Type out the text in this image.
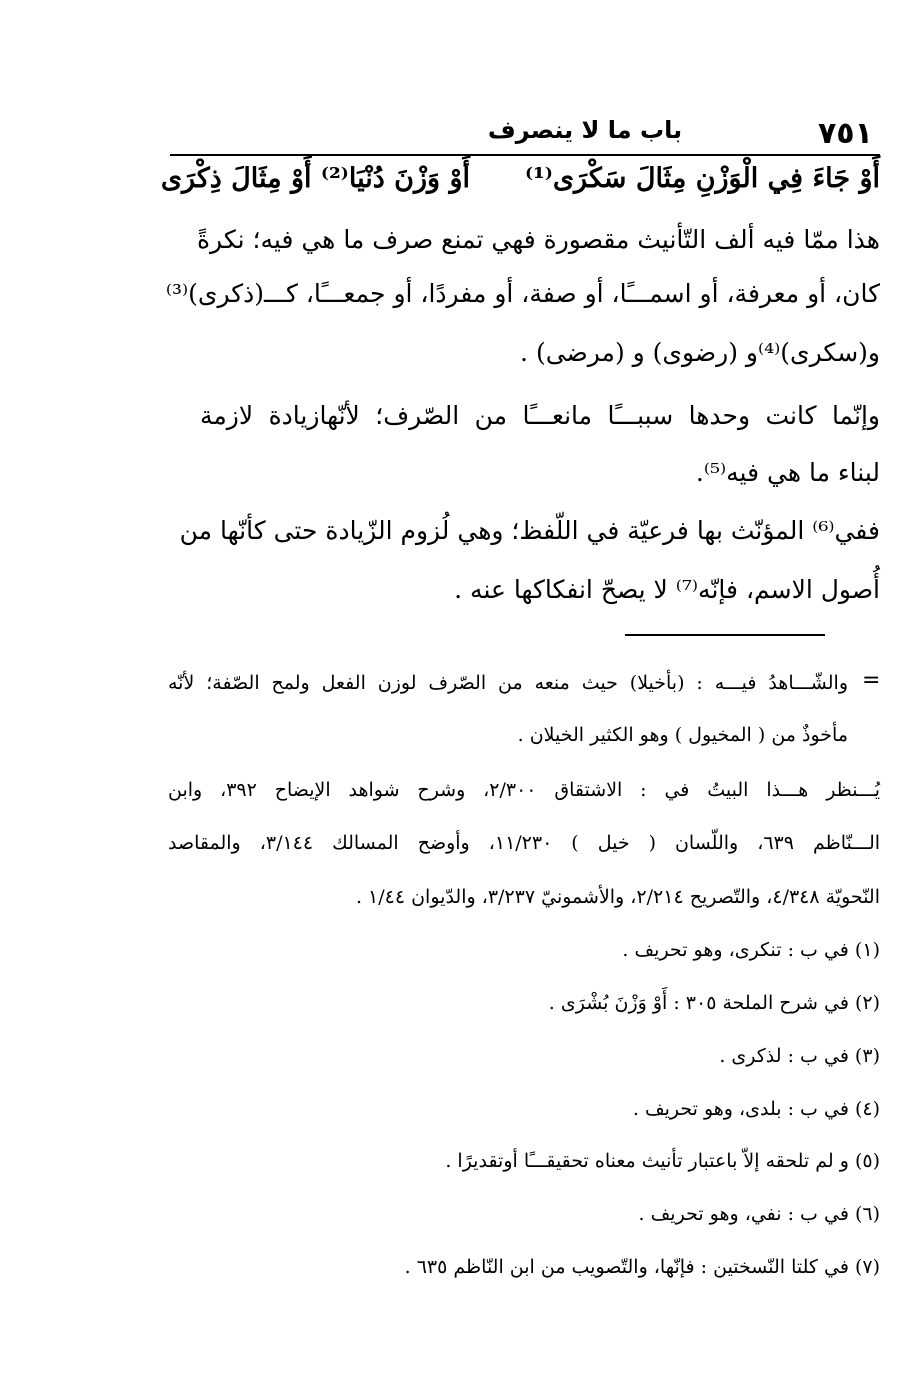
٧٥١
باب ما لا ينصرف
أَوْ جَاءَ فِي الْوَزْنِ مِثَالَ سَكْرَى⁽¹⁾
أَوْ وَزْنَ دُنْيَا⁽²⁾ أَوْ مِثَالَ ذِكْرَى
هذا ممّا فيه ألف التّأنيث مقصورة فهي تمنع صرف ما هي فيه؛ نكرةً
كان، أو معرفة، أو اسمـــًا، أو صفة، أو مفردًا، أو جمعـــًا، كـــ(ذكرى)⁽³⁾
و(سكرى)⁽⁴⁾و (رضوى) و (مرضى) .
وإنّما كانت وحدها سببـــًا مانعـــًا من الصّرف؛ لأنّهازيادة لازمة
لبناء ما هي فيه⁽⁵⁾.
ففي⁽⁶⁾ المؤنّث بها فرعيّة في اللّفظ؛ وهي لُزوم الزّيادة حتى كأنّها من
أُصول الاسم، فإنّه⁽⁷⁾ لا يصحّ انفكاكها عنه .
=
والشّـــاهدُ فيـــه : (بأخيلا) حيث منعه من الصّرف لوزن الفعل ولمح الصّفة؛ لأنّه
مأخوذٌ من ( المخيول ) وهو الكثير الخيلان .
يُـــنظر هـــذا البيتُ في : الاشتقاق ٢/٣٠٠، وشرح شواهد الإيضاح ٣٩٢، وابن
الـــنّاظم ٦٣٩، واللّسان ( خيل ) ١١/٢٣٠، وأوضح المسالك ٣/١٤٤، والمقاصد
النّحويّة ٤/٣٤٨، والتّصريح ٢/٢١٤، والأشمونيّ ٣/٢٣٧، والدّيوان ١/٤٤ .
(١) في ب : تنكرى، وهو تحريف .
(٢) في شرح الملحة ٣٠٥ : أَوْ وَزْنَ بُشْرَى .
(٣) في ب : لذكرى .
(٤) في ب : بلدى، وهو تحريف .
(٥) و لم تلحقه إلاّ باعتبار تأنيث معناه تحقيقـــًا أوتقديرًا .
(٦) في ب : نفي، وهو تحريف .
(٧) في كلتا النّسختين : فإنّها، والتّصويب من ابن النّاظم ٦٣٥ .
